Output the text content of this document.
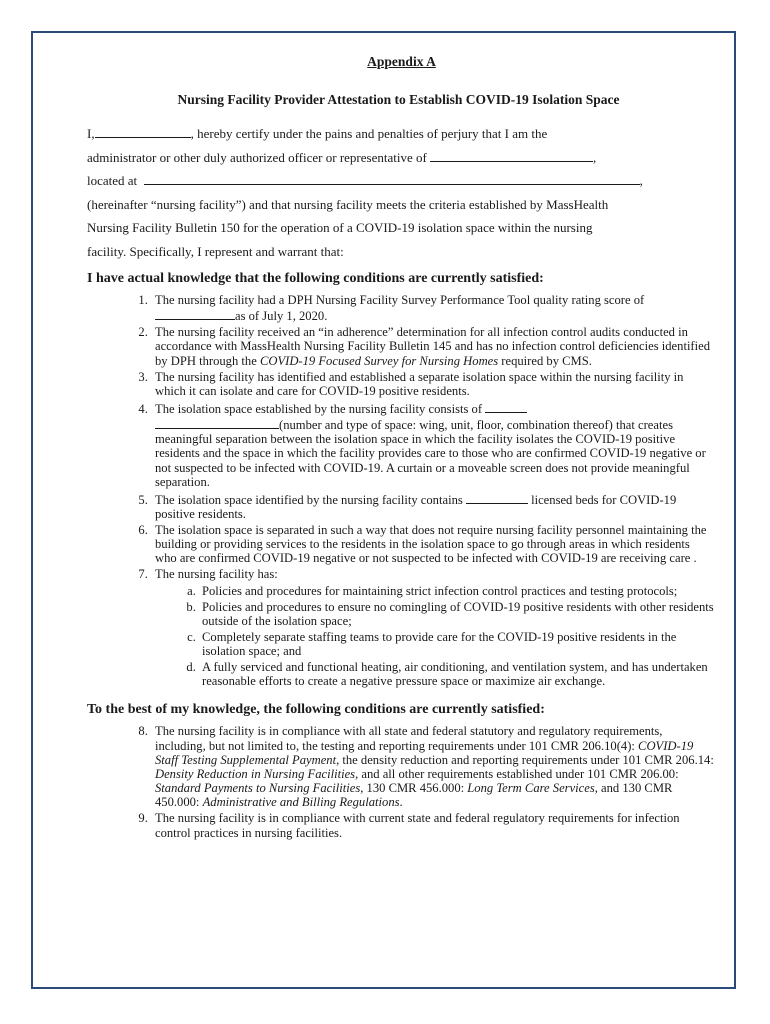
Appendix A

Nursing Facility Provider Attestation to Establish COVID-19 Isolation Space

I,	, hereby certify under the pains and penalties of perjury that I am the

administrator or other duly authorized officer or representative of	,

located at	,

(hereinafter “nursing facility”) and that nursing facility meets the criteria established by MassHealth

Nursing Facility Bulletin 150 for the operation of a COVID-19 isolation space within the nursing

facility. Specifically, I represent and warrant that:

I have actual knowledge that the following conditions are currently satisfied:

1. The nursing facility had a DPH Nursing Facility Survey Performance Tool quality rating score of as of July 1, 2020.
2. The nursing facility received an “in adherence” determination for all infection control audits conducted in accordance with MassHealth Nursing Facility Bulletin 145 and has no infection control deficiencies identified by DPH through the COVID-19 Focused Survey for Nursing Homes required by CMS.
3. The nursing facility has identified and established a separate isolation space within the nursing facility in which it can isolate and care for COVID-19 positive residents.
4. The isolation space established by the nursing facility consists of
(number and type of space: wing, unit, floor, combination thereof) that creates meaningful separation between the isolation space in which the facility isolates the COVID-19 positive residents and the space in which the facility provides care to those who are confirmed COVID-19 negative or not suspected to be infected with COVID-19. A curtain or a moveable screen does not provide meaningful separation.
5. The isolation space identified by the nursing facility contains	licensed beds for COVID-19 positive residents.
6. The isolation space is separated in such a way that does not require nursing facility personnel maintaining the building or providing services to the residents in the isolation space to go through areas in which residents who are confirmed COVID-19 negative or not suspected to be infected with COVID-19 are receiving care .
7. The nursing facility has:
a. Policies and procedures for maintaining strict infection control practices and testing protocols;
b. Policies and procedures to ensure no comingling of COVID-19 positive residents with other residents outside of the isolation space;
c. Completely separate staffing teams to provide care for the COVID-19 positive residents in the isolation space; and
d. A fully serviced and functional heating, air conditioning, and ventilation system, and has undertaken reasonable efforts to create a negative pressure space or maximize air exchange.

To the best of my knowledge, the following conditions are currently satisfied:

8. The nursing facility is in compliance with all state and federal statutory and regulatory requirements, including, but not limited to, the testing and reporting requirements under 101 CMR 206.10(4): COVID-19 Staff Testing Supplemental Payment, the density reduction and reporting requirements under 101 CMR 206.14: Density Reduction in Nursing Facilities, and all other requirements established under 101 CMR 206.00: Standard Payments to Nursing Facilities, 130 CMR 456.000: Long Term Care Services, and 130 CMR 450.000: Administrative and Billing Regulations.
9. The nursing facility is in compliance with current state and federal regulatory requirements for infection control practices in nursing facilities.
